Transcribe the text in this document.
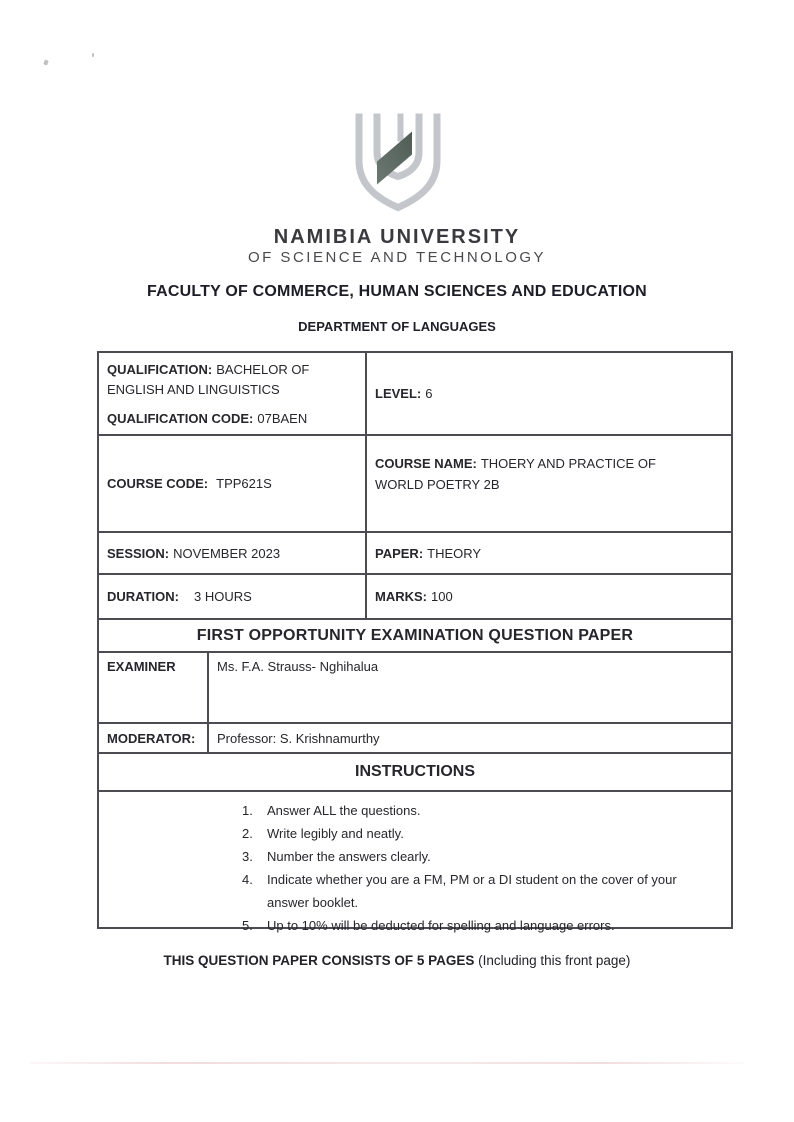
NAMIBIA UNIVERSITY
OF SCIENCE AND TECHNOLOGY
FACULTY OF COMMERCE, HUMAN SCIENCES AND EDUCATION
DEPARTMENT OF LANGUAGES
QUALIFICATION: BACHELOR OF ENGLISH AND LINGUISTICS
QUALIFICATION CODE: 07BAEN
LEVEL: 6
COURSE CODE: TPP621S
COURSE NAME: THOERY AND PRACTICE OF WORLD POETRY 2B
SESSION: NOVEMBER 2023	PAPER: THEORY
DURATION: 3 HOURS	MARKS: 100
FIRST OPPORTUNITY EXAMINATION QUESTION PAPER
EXAMINER	Ms. F.A. Strauss- Nghihalua
MODERATOR:	Professor: S. Krishnamurthy
INSTRUCTIONS
1.	Answer ALL the questions.
2.	Write legibly and neatly.
3.	Number the answers clearly.
4.	Indicate whether you are a FM, PM or a DI student on the cover of your answer booklet.
5.	Up to 10% will be deducted for spelling and language errors.
THIS QUESTION PAPER CONSISTS OF 5 PAGES (Including this front page)
